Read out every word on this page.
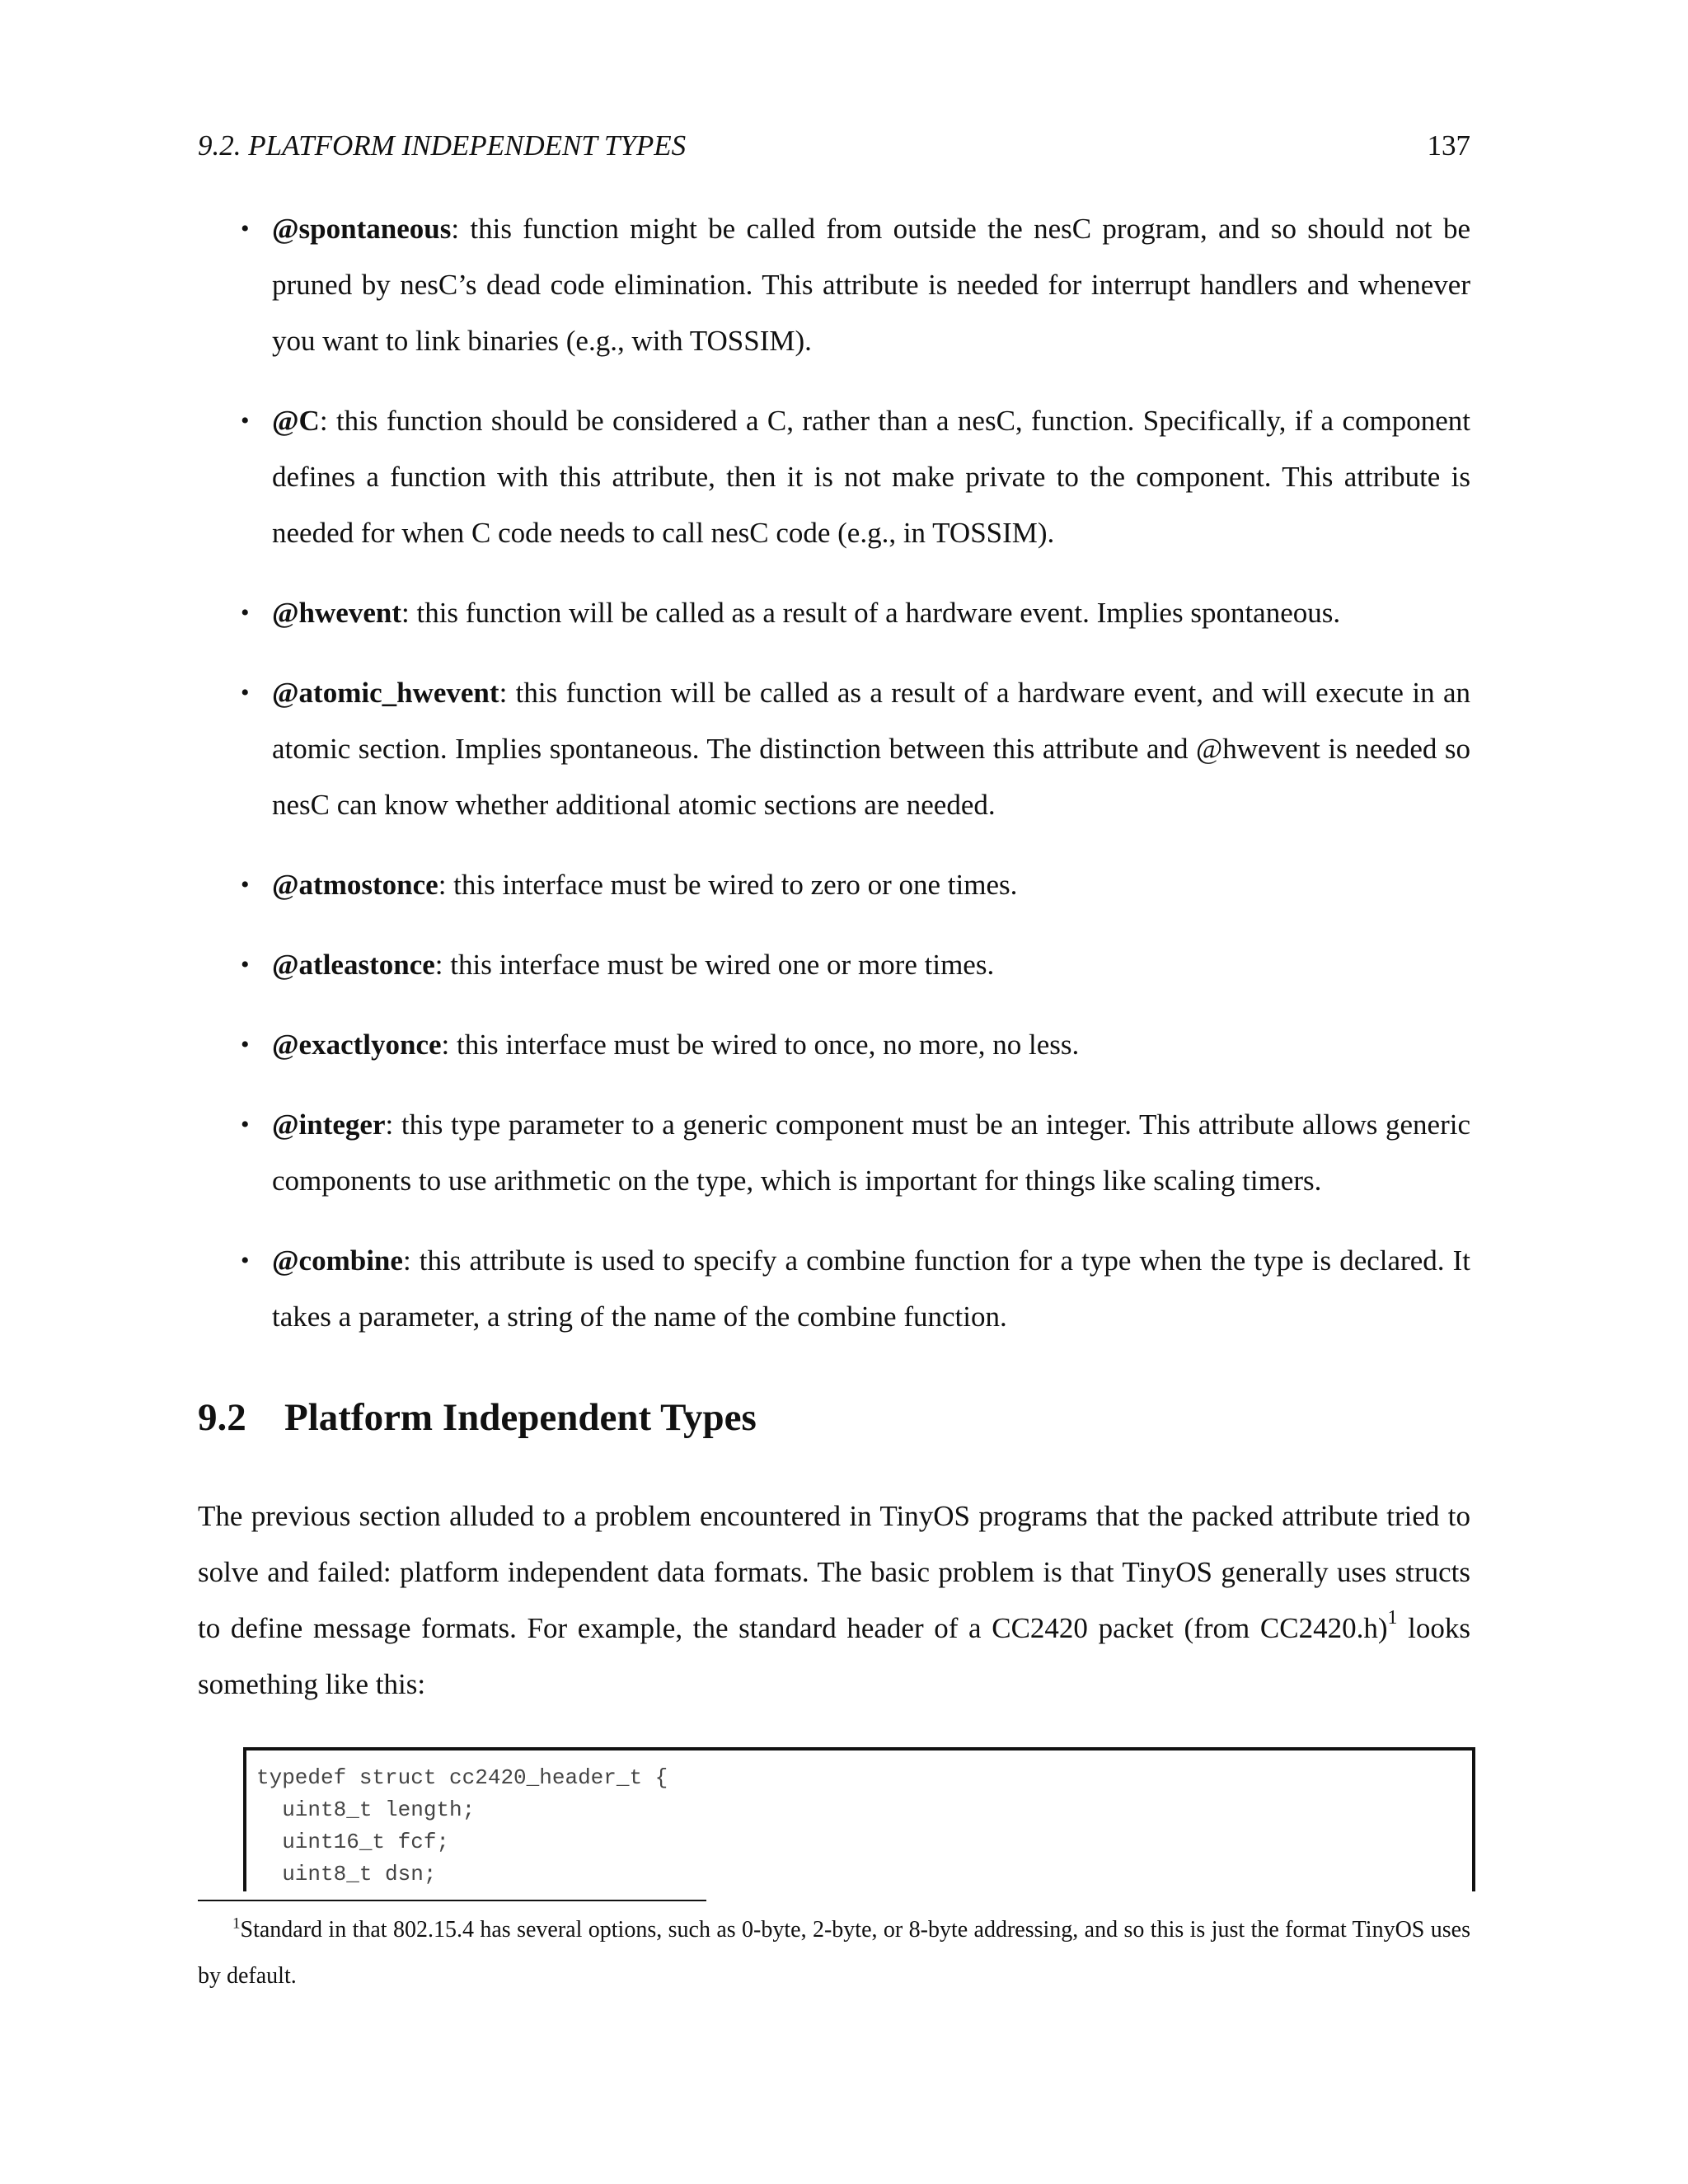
9.2. PLATFORM INDEPENDENT TYPES	137
• @spontaneous: this function might be called from outside the nesC program, and so should not be pruned by nesC’s dead code elimination. This attribute is needed for interrupt handlers and whenever you want to link binaries (e.g., with TOSSIM).
• @C: this function should be considered a C, rather than a nesC, function. Specifically, if a component defines a function with this attribute, then it is not make private to the component. This attribute is needed for when C code needs to call nesC code (e.g., in TOSSIM).
• @hwevent: this function will be called as a result of a hardware event. Implies spontaneous.
• @atomic_hwevent: this function will be called as a result of a hardware event, and will execute in an atomic section. Implies spontaneous. The distinction between this attribute and @hwevent is needed so nesC can know whether additional atomic sections are needed.
• @atmostonce: this interface must be wired to zero or one times.
• @atleastonce: this interface must be wired one or more times.
• @exactlyonce: this interface must be wired to once, no more, no less.
• @integer: this type parameter to a generic component must be an integer. This attribute allows generic components to use arithmetic on the type, which is important for things like scaling timers.
• @combine: this attribute is used to specify a combine function for a type when the type is declared. It takes a parameter, a string of the name of the combine function.
9.2 Platform Independent Types

The previous section alluded to a problem encountered in TinyOS programs that the packed attribute tried to solve and failed: platform independent data formats. The basic problem is that TinyOS generally uses structs to define message formats. For example, the standard header of a CC2420 packet (from CC2420.h)$^1$ looks something like this:

typedef struct cc2420_header_t {
uint8_t length;
uint16_t fcf;
uint8_t dsn;

$^1$Standard in that 802.15.4 has several options, such as 0-byte, 2-byte, or 8-byte addressing, and so this is just the format TinyOS uses by default.
